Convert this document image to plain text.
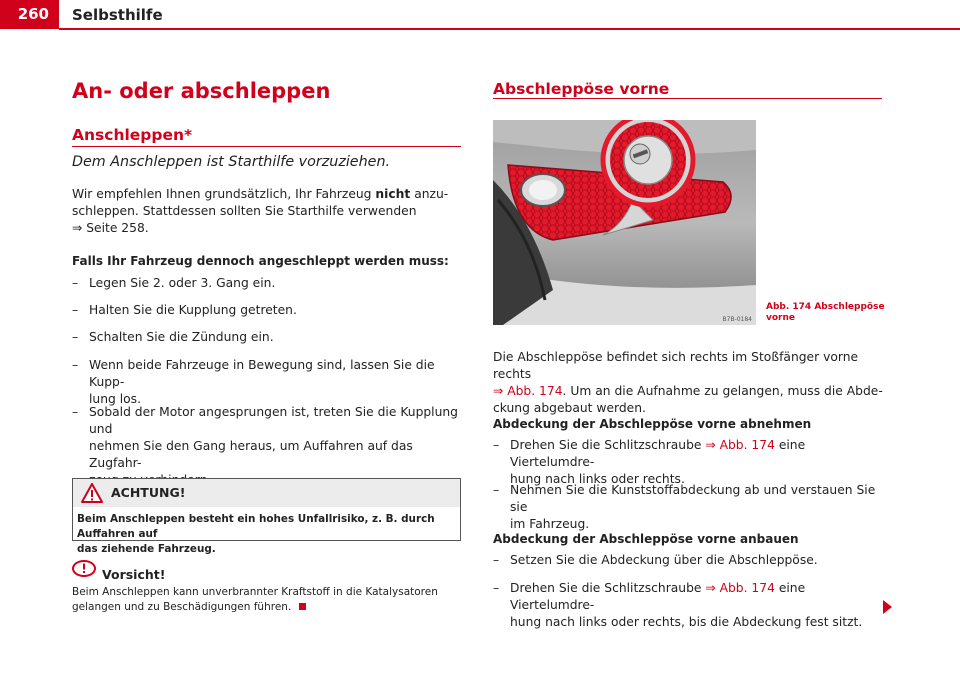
260	Selbsthilfe
An- oder abschleppen
Anschleppen*

Dem Anschleppen ist Starthilfe vorzuziehen.

Wir empfehlen Ihnen grundsätzlich, Ihr Fahrzeug nicht anzu-
schleppen. Stattdessen sollten Sie Starthilfe verwenden
⇒ Seite 258.

Falls Ihr Fahrzeug dennoch angeschleppt werden muss:

– Legen Sie 2. oder 3. Gang ein.
– Halten Sie die Kupplung getreten.
– Schalten Sie die Zündung ein.
– Wenn beide Fahrzeuge in Bewegung sind, lassen Sie die Kupp-
lung los.
– Sobald der Motor angesprungen ist, treten Sie die Kupplung und
nehmen Sie den Gang heraus, um Auffahren auf das Zugfahr-

ACHTUNG!
Beim Anschleppen besteht ein hohes Unfallrisiko, z. B. durch Auffahren auf
das ziehende Fahrzeug.
Vorsicht!
Beim Anschleppen kann unverbrannter Kraftstoff in die Katalysatoren
gelangen und zu Beschädigungen führen.
Abschleppöse vorne
B7B-0184
Abb. 174 Abschleppöse
vorne

Die Abschleppöse befindet sich rechts im Stoßfänger vorne rechts
⇒ Abb. 174. Um an die Aufnahme zu gelangen, muss die Abde-
ckung abgebaut werden.

Abdeckung der Abschleppöse vorne abnehmen

– Drehen Sie die Schlitzschraube ⇒ Abb. 174 eine Viertelumdre-
hung nach links oder rechts.
– Nehmen Sie die Kunststoffabdeckung ab und verstauen Sie sie
im Fahrzeug.

Abdeckung der Abschleppöse vorne anbauen

– Setzen Sie die Abdeckung über die Abschleppöse.
– Drehen Sie die Schlitzschraube ⇒ Abb. 174 eine Viertelumdre-
hung nach links oder rechts, bis die Abdeckung fest sitzt.
